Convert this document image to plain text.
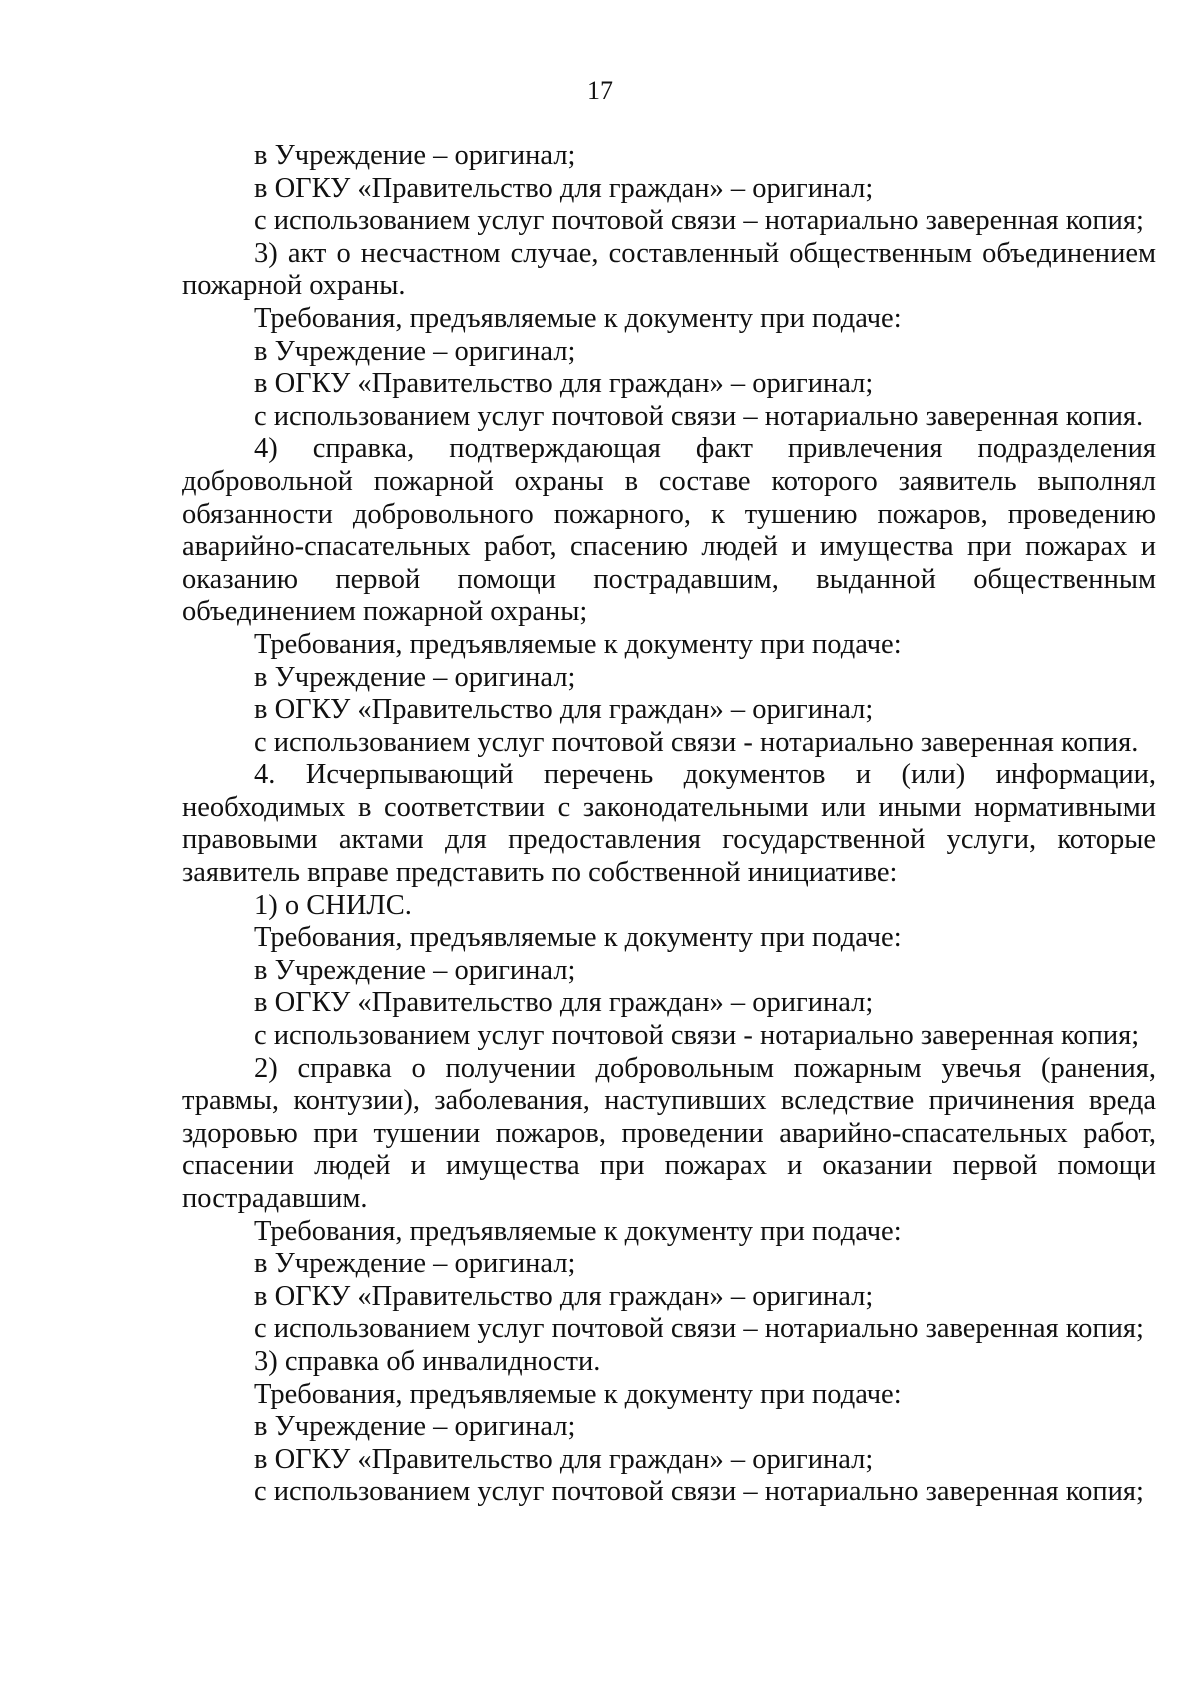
17

в Учреждение – оригинал;

в ОГКУ «Правительство для граждан» – оригинал;

с использованием услуг почтовой связи – нотариально заверенная копия;

3) акт о несчастном случае, составленный общественным объединением пожарной охраны.

Требования, предъявляемые к документу при подаче:

в Учреждение – оригинал;

в ОГКУ «Правительство для граждан» – оригинал;

с использованием услуг почтовой связи – нотариально заверенная копия.

4) справка, подтверждающая факт привлечения подразделения добровольной пожарной охраны в составе которого заявитель выполнял обязанности добровольного пожарного, к тушению пожаров, проведению аварийно-спасательных работ, спасению людей и имущества при пожарах и оказанию первой помощи пострадавшим, выданной общественным объединением пожарной охраны;

Требования, предъявляемые к документу при подаче:

в Учреждение – оригинал;

в ОГКУ «Правительство для граждан» – оригинал;

с использованием услуг почтовой связи - нотариально заверенная копия.

4. Исчерпывающий перечень документов и (или) информации, необходимых в соответствии с законодательными или иными нормативными правовыми актами для предоставления государственной услуги, которые заявитель вправе представить по собственной инициативе:

1) о СНИЛС.

Требования, предъявляемые к документу при подаче:

в Учреждение – оригинал;

в ОГКУ «Правительство для граждан» – оригинал;

с использованием услуг почтовой связи - нотариально заверенная копия;

2) справка о получении добровольным пожарным увечья (ранения, травмы, контузии), заболевания, наступивших вследствие причинения вреда здоровью при тушении пожаров, проведении аварийно-спасательных работ, спасении людей и имущества при пожарах и оказании первой помощи пострадавшим.

Требования, предъявляемые к документу при подаче:

в Учреждение – оригинал;

в ОГКУ «Правительство для граждан» – оригинал;

с использованием услуг почтовой связи – нотариально заверенная копия;

3) справка об инвалидности.

Требования, предъявляемые к документу при подаче:

в Учреждение – оригинал;

в ОГКУ «Правительство для граждан» – оригинал;

с использованием услуг почтовой связи – нотариально заверенная копия;
